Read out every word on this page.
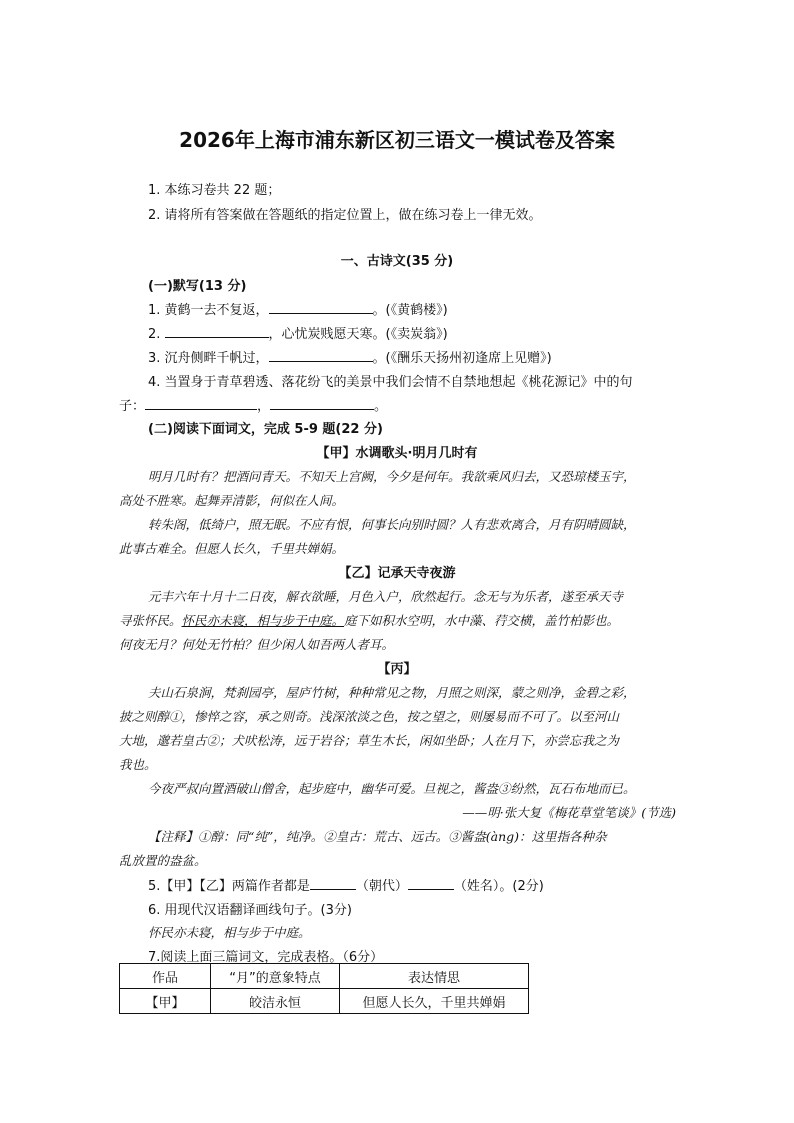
2026年上海市浦东新区初三语文一模试卷及答案
1. 本练习卷共 22 题；
2. 请将所有答案做在答题纸的指定位置上，做在练习卷上一律无效。
一、古诗文(35 分)
(一)默写(13 分)
1. 黄鹤一去不复返，	。(《黄鹤楼》)
2.	，心忧炭贱愿天寒。(《卖炭翁》)
3. 沉舟侧畔千帆过，	。(《酬乐天扬州初逢席上见赠》)
4. 当置身于青草碧透、落花纷飞的美景中我们会情不自禁地想起《桃花源记》中的句
子：	，	。
(二)阅读下面词文，完成 5-9 题(22 分)
【甲】水调歌头·明月几时有
明月几时有？把酒问青天。不知天上宫阙，今夕是何年。我欲乘风归去，又恐琼楼玉宇，
高处不胜寒。起舞弄清影，何似在人间。
转朱阁，低绮户，照无眠。不应有恨，何事长向别时圆？人有悲欢离合，月有阴晴圆缺，
此事古难全。但愿人长久，千里共婵娟。
【乙】记承天寺夜游
元丰六年十月十二日夜，解衣欲睡，月色入户，欣然起行。念无与为乐者，遂至承天寺
寻张怀民。怀民亦未寝，相与步于中庭。庭下如积水空明，水中藻、荇交横，盖竹柏影也。
何夜无月？何处无竹柏？但少闲人如吾两人者耳。
【丙】
夫山石泉涧，梵刹园亭，屋庐竹树，种种常见之物，月照之则深，蒙之则净，金碧之彩，
披之则醇①，惨悴之容，承之则奇。浅深浓淡之色，按之望之，则屡易而不可了。以至河山
大地，邈若皇古②；犬吠松涛，远于岩谷；草生木长，闲如坐卧；人在月下，亦尝忘我之为
我也。
今夜严叔向置酒破山僧舍，起步庭中，幽华可爱。旦视之，酱盎③纷然，瓦石布地而已。
——明·张大复《梅花草堂笔谈》(节选)
【注释】①醇：同“纯”，纯净。②皇古：荒古、远古。③酱盎(àng)：这里指各种杂
乱放置的盎盆。
5.【甲】【乙】两篇作者都是	（朝代）	（姓名）。(2分)
6. 用现代汉语翻译画线句子。(3分)
怀民亦未寝，相与步于中庭。
7.阅读上面三篇词文，完成表格。（6分）
作品	“月”的意象特点	表达情思
【甲】	皎洁永恒	但愿人长久，千里共婵娟
